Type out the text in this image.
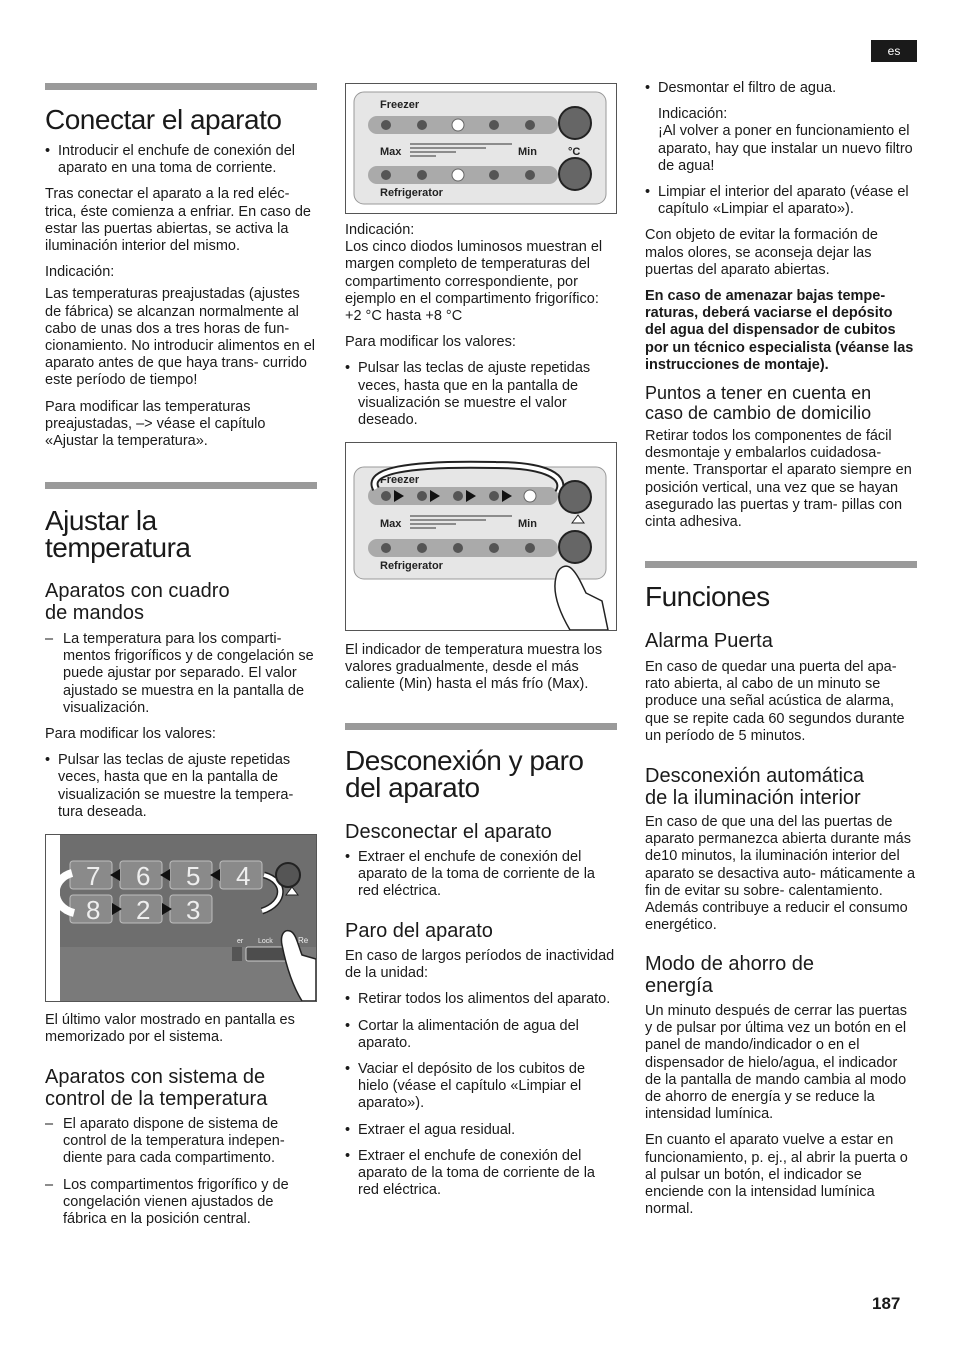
es
Conectar el aparato

• Introducir el enchufe de conexión del aparato en una toma de corriente.

Tras conectar el aparato a la red eléc- trica, éste comienza a enfriar. En caso de estar las puertas abiertas, se activa la iluminación interior del mismo.

Indicación:

Las temperaturas preajustadas (ajustes de fábrica) se alcanzan normalmente al cabo de unas dos a tres horas de fun- cionamiento. No introducir alimentos en el aparato antes de que haya trans- currido este período de tiempo!

Para modificar las temperaturas preajustadas, –> véase el capítulo «Ajustar la temperatura».

Ajustar la
temperatura
Aparatos con cuadro
de mandos

– La temperatura para los comparti- mentos frigoríficos y de congelación se puede ajustar por separado. El valor ajustado se muestra en la pantalla de visualización.

Para modificar los valores:

• Pulsar las teclas de ajuste repetidas veces, hasta que en la pantalla de visualización se muestre la tempera- tura deseada.

7 6 5 4
8 2 3
er Lock	Re

El último valor mostrado en pantalla es memorizado por el sistema.

Aparatos con sistema de
control de la temperatura

– El aparato dispone de sistema de control de la temperatura indepen- diente para cada compartimento.

– Los compartimentos frigorífico y de congelación vienen ajustados de fábrica en la posición central.

Freezer
Max	Min	°C
Refrigerator

Indicación:

Los cinco diodos luminosos muestran el margen completo de temperaturas del compartimento correspondiente, por ejemplo en el compartimento frigorífico: +2 °C hasta +8 °C

Para modificar los valores:

• Pulsar las teclas de ajuste repetidas veces, hasta que en la pantalla de visualización se muestre el valor deseado.

Freezer
Max	Min
Refrigerator

El indicador de temperatura muestra los valores gradualmente, desde el más caliente (Min) hasta el más frío (Max).

Desconexión y paro
del aparato
Desconectar el aparato

• Extraer el enchufe de conexión del aparato de la toma de corriente de la red eléctrica.

Paro del aparato

En caso de largos períodos de inactividad de la unidad:

• Retirar todos los alimentos del aparato.

• Cortar la alimentación de agua del aparato.

• Vaciar el depósito de los cubitos de hielo (véase el capítulo «Limpiar el aparato»).

• Extraer el agua residual.

• Extraer el enchufe de conexión del aparato de la toma de corriente de la red eléctrica.

• Desmontar el filtro de agua.

Indicación:

¡Al volver a poner en funcionamiento el aparato, hay que instalar un nuevo filtro de agua!

• Limpiar el interior del aparato (véase el capítulo «Limpiar el aparato»).

Con objeto de evitar la formación de malos olores, se aconseja dejar las puertas del aparato abiertas.

En caso de amenazar bajas tempe- raturas, deberá vaciarse el depósito del agua del dispensador de cubitos por un técnico especialista (véanse las instrucciones de montaje).

Puntos a tener en cuenta en
caso de cambio de domicilio

Retirar todos los componentes de fácil desmontaje y embalarlos cuidadosa- mente. Transportar el aparato siempre en posición vertical, una vez que se hayan asegurado las puertas y tram- pillas con cinta adhesiva.

Funciones
Alarma Puerta

En caso de quedar una puerta del apa- rato abierta, al cabo de un minuto se produce una señal acústica de alarma, que se repite cada 60 segundos durante un período de 5 minutos.

Desconexión automática
de la iluminación interior

En caso de que una del las puertas de aparato permanezca abierta durante más de10 minutos, la iluminación interior del aparato se desactiva auto- máticamente a fin de evitar su sobre- calentamiento. Además contribuye a reducir el consumo energético.

Modo de ahorro de
energía

Un minuto después de cerrar las puertas y de pulsar por última vez un botón en el panel de mando/indicador o en el dispensador de hielo/agua, el indicador de la pantalla de mando cambia al modo de ahorro de energía y se reduce la intensidad lumínica.

En cuanto el aparato vuelve a estar en funcionamiento, p. ej., al abrir la puerta o al pulsar un botón, el indicador se enciende con la intensidad lumínica normal.

187
